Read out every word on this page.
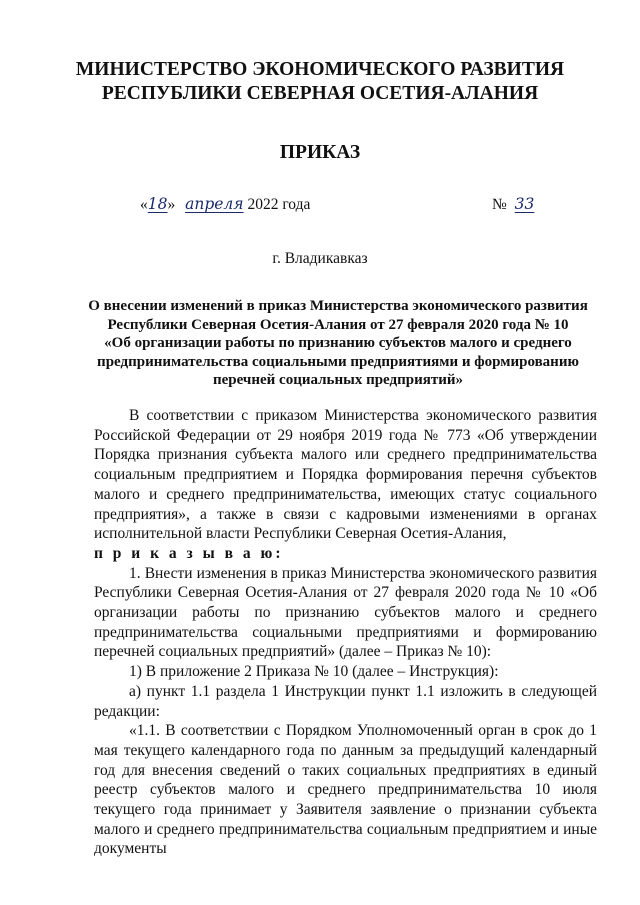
МИНИСТЕРСТВО ЭКОНОМИЧЕСКОГО РАЗВИТИЯ
РЕСПУБЛИКИ СЕВЕРНАЯ ОСЕТИЯ-АЛАНИЯ
ПРИКАЗ
«18» апреля 2022 года	№ 33
г. Владикавказ
О внесении изменений в приказ Министерства экономического развития
Республики Северная Осетия-Алания от 27 февраля 2020 года № 10
«Об организации работы по признанию субъектов малого и среднего
предпринимательства социальными предприятиями и формированию
перечней социальных предприятий»

В соответствии с приказом Министерства экономического развития Российской Федерации от 29 ноября 2019 года № 773 «Об утверждении Порядка признания субъекта малого или среднего предпринимательства социальным предприятием и Порядка формирования перечня субъектов малого и среднего предпринимательства, имеющих статус социального предприятия», а также в связи с кадровыми изменениями в органах исполнительной власти Республики Северная Осетия-Алания,

п р и к а з ы в а ю:

1. Внести изменения в приказ Министерства экономического развития Республики Северная Осетия-Алания от 27 февраля 2020 года № 10 «Об организации работы по признанию субъектов малого и среднего предпринимательства социальными предприятиями и формированию перечней социальных предприятий» (далее – Приказ № 10):

1) В приложение 2 Приказа № 10 (далее – Инструкция):

а) пункт 1.1 раздела 1 Инструкции пункт 1.1 изложить в следующей редакции:

«1.1. В соответствии с Порядком Уполномоченный орган в срок до 1 мая текущего календарного года по данным за предыдущий календарный год для внесения сведений о таких социальных предприятиях в единый реестр субъектов малого и среднего предпринимательства 10 июля текущего года принимает у Заявителя заявление о признании субъекта малого и среднего предпринимательства социальным предприятием и иные документы
